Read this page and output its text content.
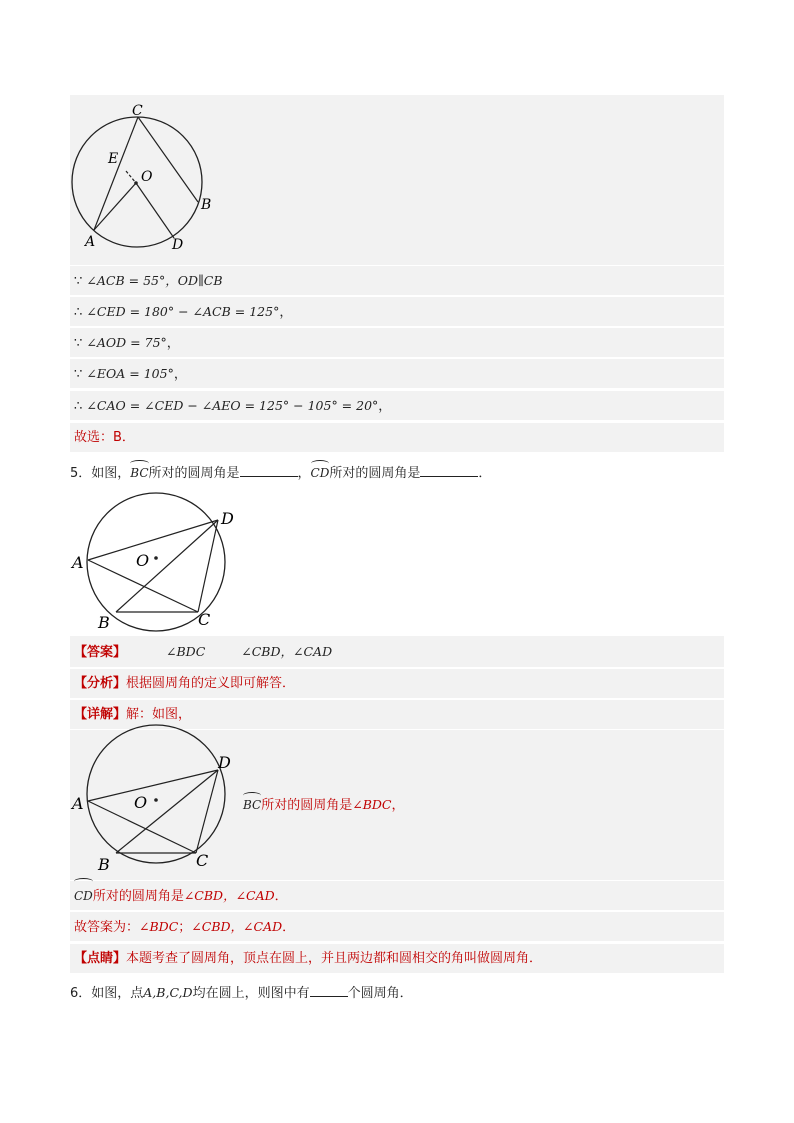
C
E
O
B
A	D
∵ ∠ACB = 55°，OD∥CB
∴ ∠CED = 180° − ∠ACB = 125°，
∵ ∠AOD = 75°，
∵ ∠EOA = 105°，
∴ ∠CAO = ∠CED − ∠AEO = 125° − 105° = 20°，
故选：B．
5．如图，BC所对的圆周角是	，CD所对的圆周角是	．
O
A
D
B	C
【答案】	∠BDC	∠CBD，∠CAD
【分析】根据圆周角的定义即可解答．
【详解】解：如图，
O
A
D
B	C
BC所对的圆周角是∠BDC，
CD所对的圆周角是∠CBD，∠CAD．
故答案为：∠BDC；∠CBD，∠CAD．
【点睛】本题考查了圆周角，顶点在圆上，并且两边都和圆相交的角叫做圆周角．
6．如图，点A,B,C,D均在圆上，则图中有	个圆周角．
